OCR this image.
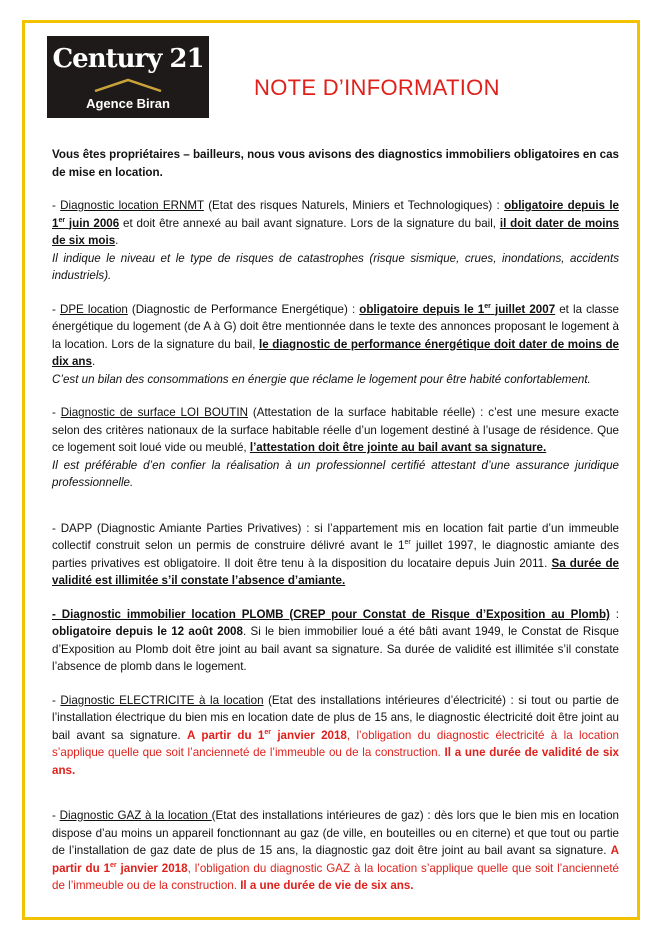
Century 21
Agence Biran
NOTE D’INFORMATION

Vous êtes propriétaires – bailleurs, nous vous avisons des diagnostics immobiliers obligatoires en cas de mise en location.

- Diagnostic location ERNMT (Etat des risques Naturels, Miniers et Technologiques) : obligatoire depuis le 1er juin 2006 et doit être annexé au bail avant signature. Lors de la signature du bail, il doit dater de moins de six mois.

Il indique le niveau et le type de risques de catastrophes (risque sismique, crues, inondations, accidents industriels).

- DPE location (Diagnostic de Performance Energétique) : obligatoire depuis le 1er juillet 2007 et la classe énergétique du logement (de A à G) doit être mentionnée dans le texte des annonces proposant le logement à la location. Lors de la signature du bail, le diagnostic de performance énergétique doit dater de moins de dix ans.

C’est un bilan des consommations en énergie que réclame le logement pour être habité confortablement.

- Diagnostic de surface LOI BOUTIN (Attestation de la surface habitable réelle) : c’est une mesure exacte selon des critères nationaux de la surface habitable réelle d’un logement destiné à l’usage de résidence. Que ce logement soit loué vide ou meublé, l’attestation doit être jointe au bail avant sa signature.

Il est préférable d’en confier la réalisation à un professionnel certifié attestant d’une assurance juridique professionnelle.

- DAPP (Diagnostic Amiante Parties Privatives) : si l’appartement mis en location fait partie d’un immeuble collectif construit selon un permis de construire délivré avant le 1er juillet 1997, le diagnostic amiante des parties privatives est obligatoire. Il doit être tenu à la disposition du locataire depuis Juin 2011. Sa durée de validité est illimitée s’il constate l’absence d’amiante.

- Diagnostic immobilier location PLOMB (CREP pour Constat de Risque d’Exposition au Plomb) : obligatoire depuis le 12 août 2008. Si le bien immobilier loué a été bâti avant 1949, le Constat de Risque d’Exposition au Plomb doit être joint au bail avant sa signature. Sa durée de validité est illimitée s’il constate l’absence de plomb dans le logement.

- Diagnostic ELECTRICITE à la location (Etat des installations intérieures d’électricité) : si tout ou partie de l’installation électrique du bien mis en location date de plus de 15 ans, le diagnostic électricité doit être joint au bail avant sa signature. A partir du 1er janvier 2018, l’obligation du diagnostic électricité à la location s’applique quelle que soit l’ancienneté de l’immeuble ou de la construction. Il a une durée de validité de six ans.

- Diagnostic GAZ à la location (Etat des installations intérieures de gaz) : dès lors que le bien mis en location dispose d’au moins un appareil fonctionnant au gaz (de ville, en bouteilles ou en citerne) et que tout ou partie de l’installation de gaz date de plus de 15 ans, la diagnostic gaz doit être joint au bail avant sa signature. A partir du 1er janvier 2018, l’obligation du diagnostic GAZ à la location s’applique quelle que soit l’ancienneté de l’immeuble ou de la construction. Il a une durée de vie de six ans.
